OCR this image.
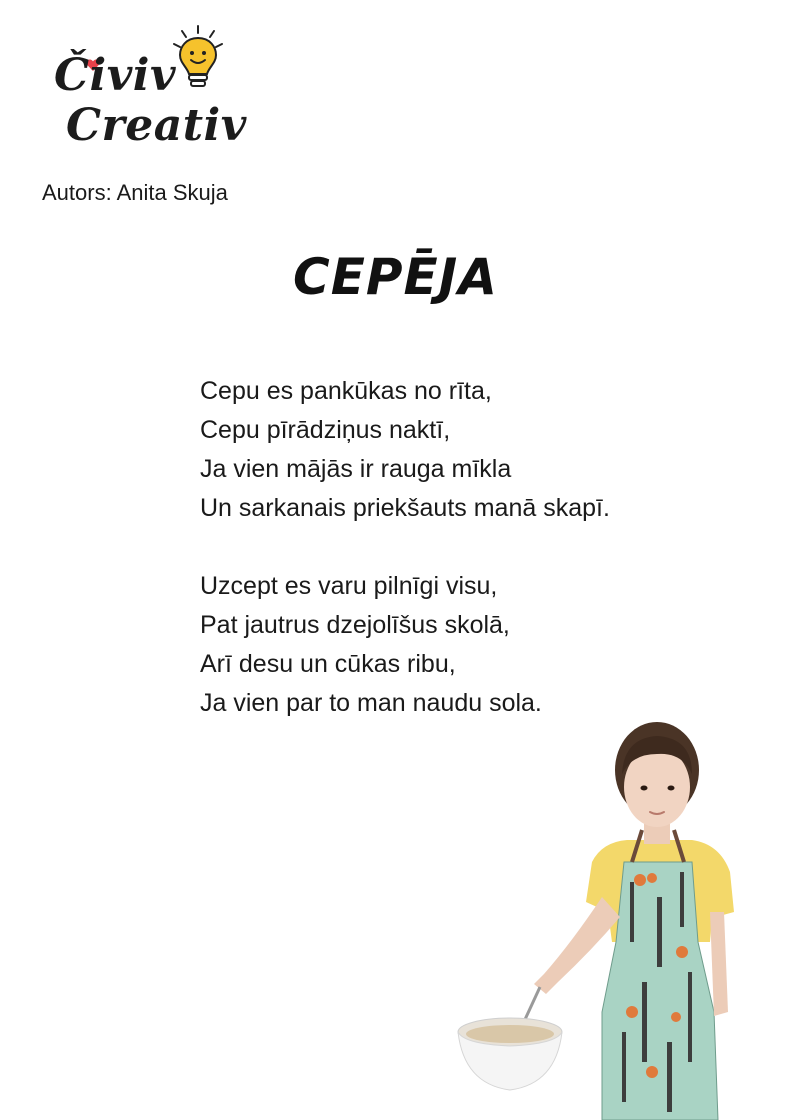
Čiviv
Creativ
Autors: Anita Skuja
CEPĒJA
Cepu es pankūkas no rīta,
Cepu pīrādziņus naktī,
Ja vien mājās ir rauga mīkla
Un sarkanais priekšauts manā skapī.
Uzcept es varu pilnīgi visu,
Pat jautrus dzejolīšus skolā,
Arī desu un cūkas ribu,
Ja vien par to man naudu sola.
